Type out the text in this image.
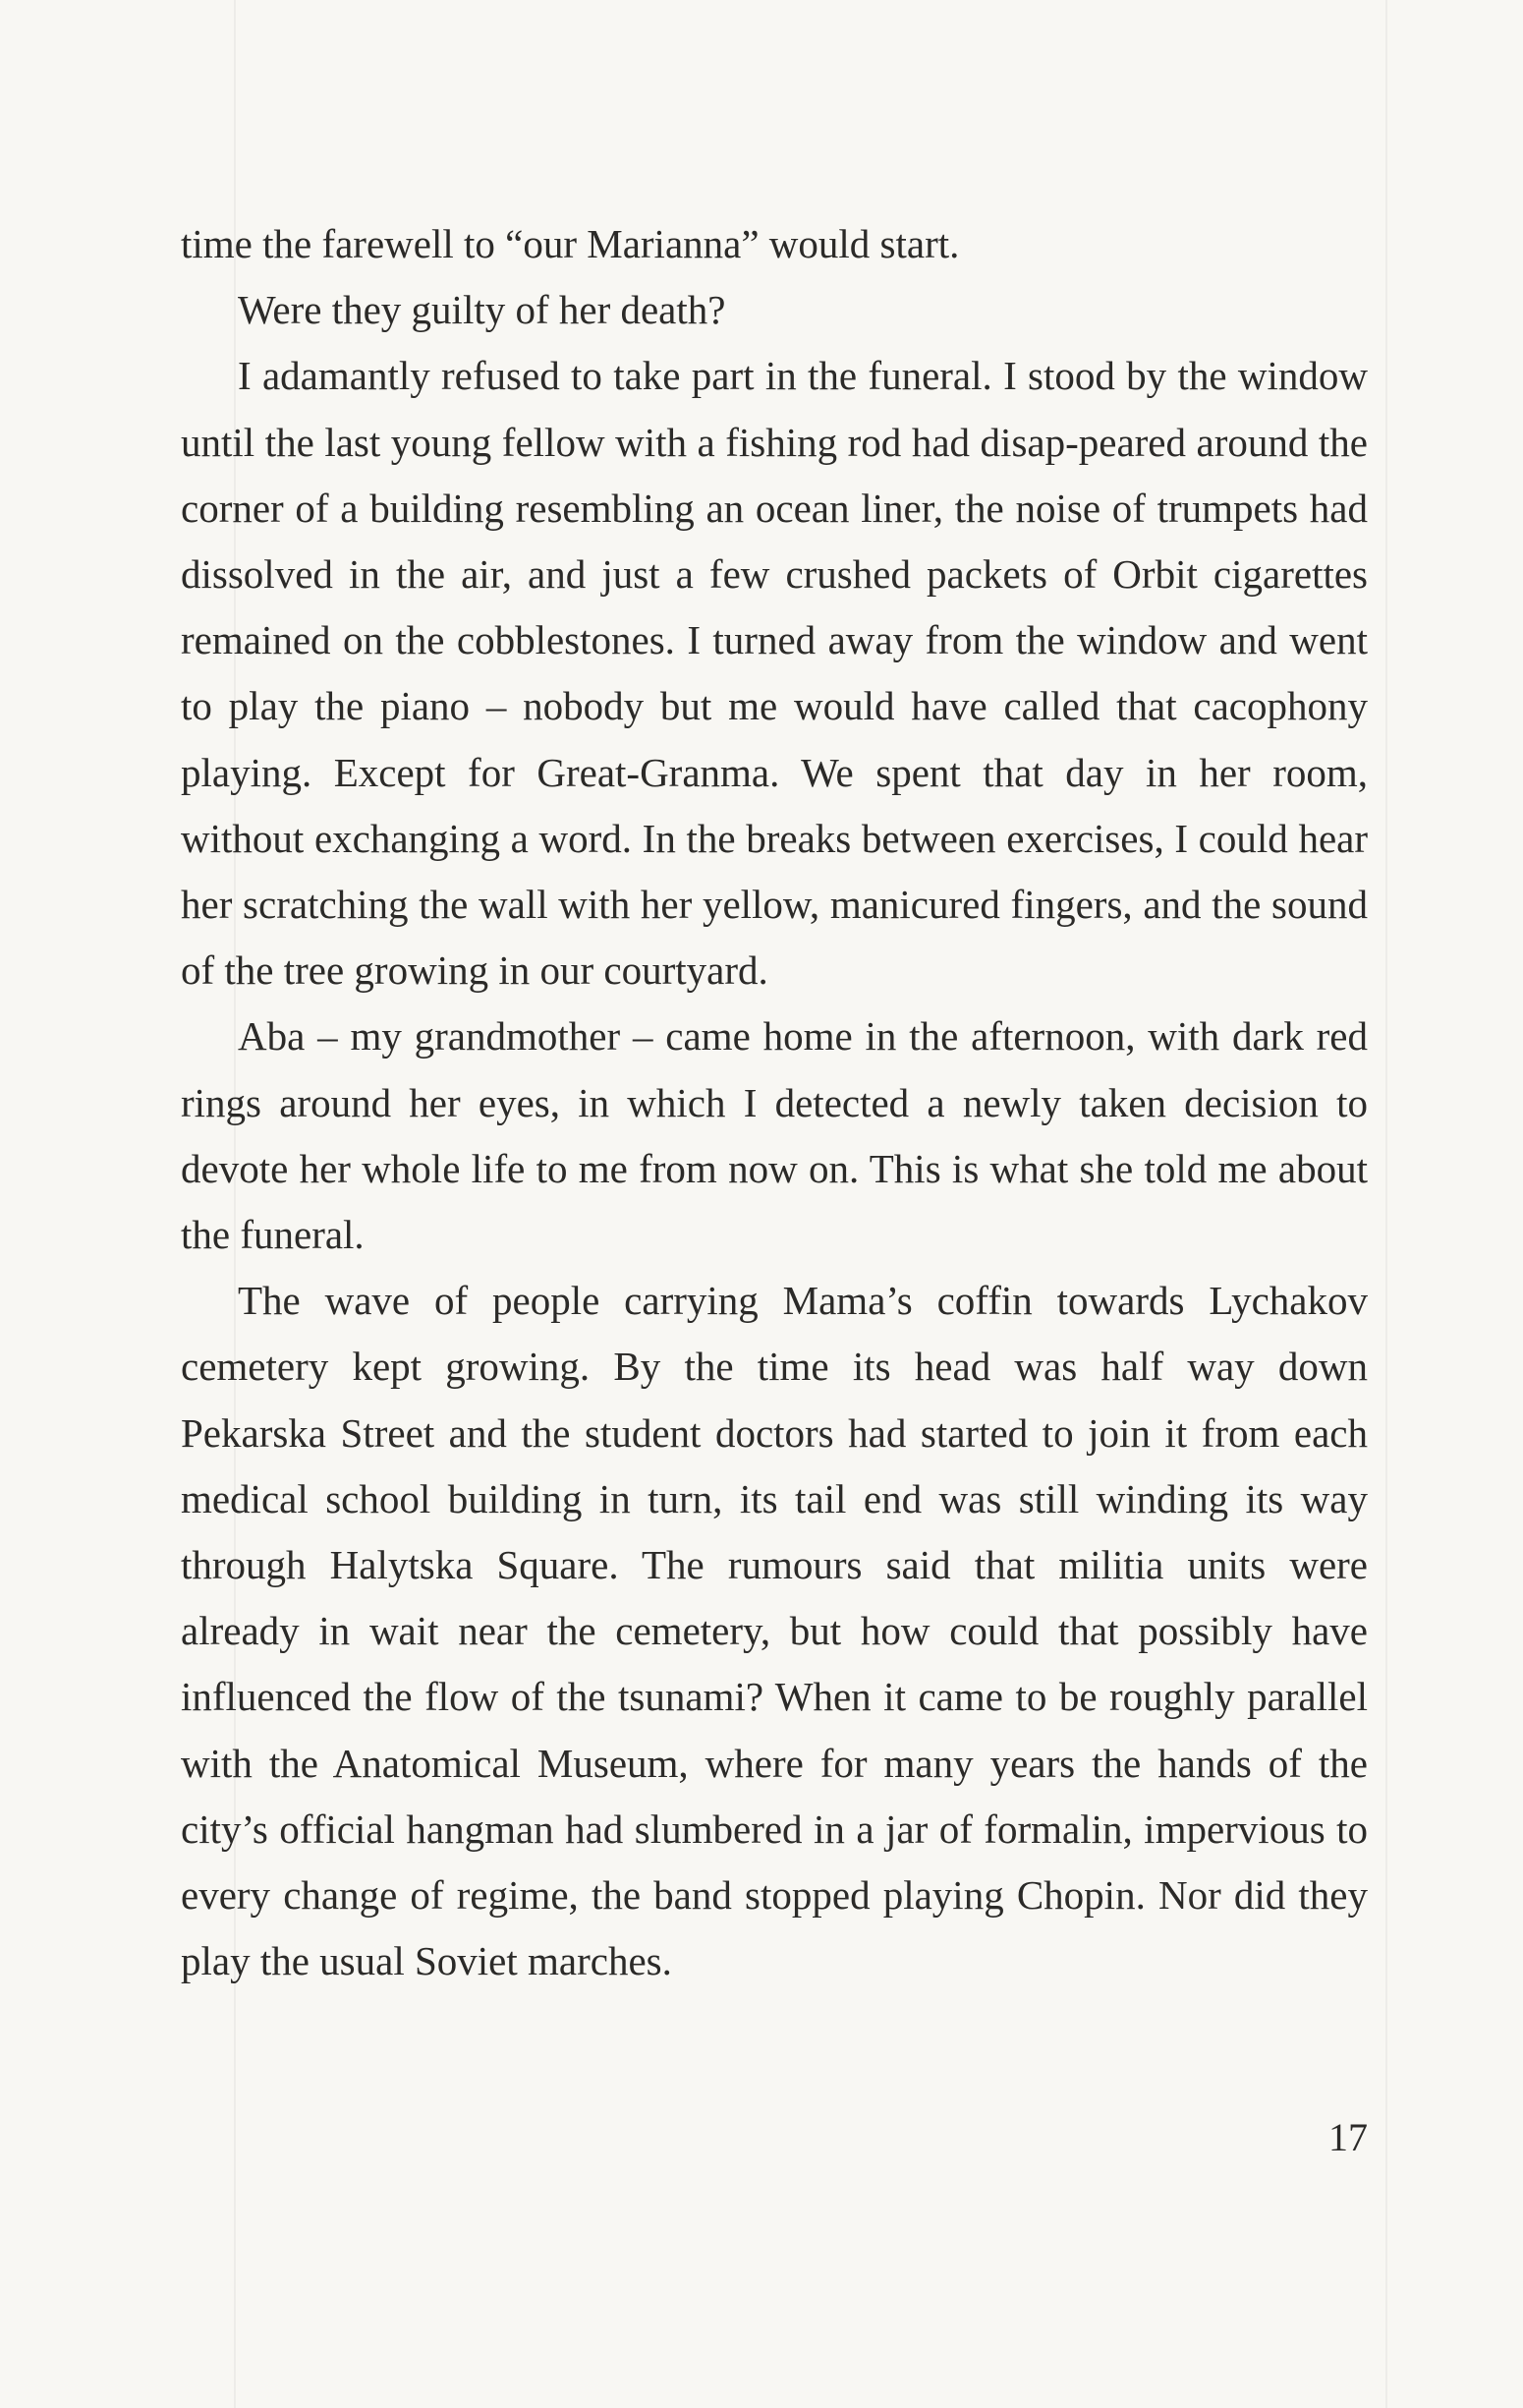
time the farewell to “our Marianna” would start.

Were they guilty of her death?

I adamantly refused to take part in the funeral. I stood by the window until the last young fellow with a fishing rod had disap-peared around the corner of a building resembling an ocean liner, the noise of trumpets had dissolved in the air, and just a few crushed packets of Orbit cigarettes remained on the cobblestones. I turned away from the window and went to play the piano – nobody but me would have called that cacophony playing. Except for Great-Granma. We spent that day in her room, without exchanging a word. In the breaks between exercises, I could hear her scratching the wall with her yellow, manicured fingers, and the sound of the tree growing in our courtyard.

Aba – my grandmother – came home in the afternoon, with dark red rings around her eyes, in which I detected a newly taken decision to devote her whole life to me from now on. This is what she told me about the funeral.

The wave of people carrying Mama’s coffin towards Lychakov cemetery kept growing. By the time its head was half way down Pekarska Street and the student doctors had started to join it from each medical school building in turn, its tail end was still winding its way through Halytska Square. The rumours said that militia units were already in wait near the cemetery, but how could that possibly have influenced the flow of the tsunami? When it came to be roughly parallel with the Anatomical Museum, where for many years the hands of the city’s official hangman had slumbered in a jar of formalin, impervious to every change of regime, the band stopped playing Chopin. Nor did they play the usual Soviet marches.

17
